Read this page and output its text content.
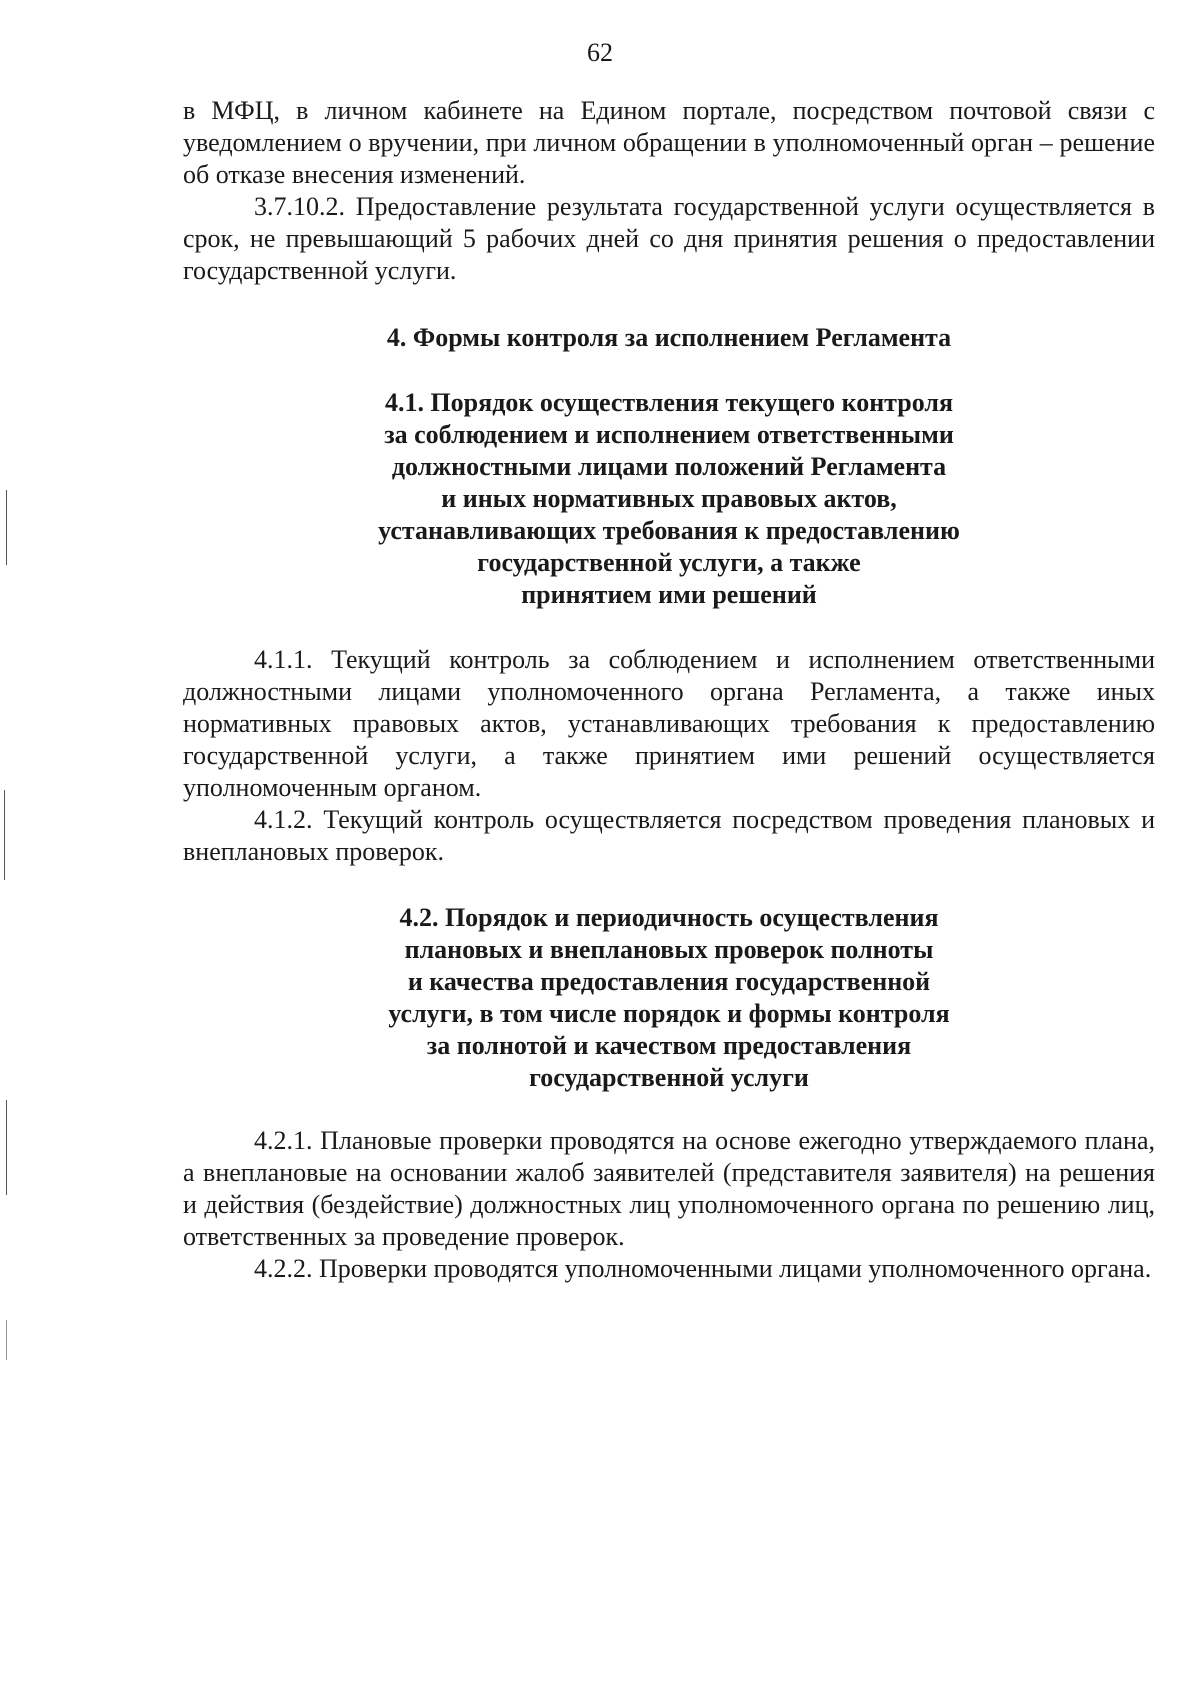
62

в МФЦ, в личном кабинете на Едином портале, посредством почтовой связи с уведомлением о вручении, при личном обращении в уполномоченный орган – решение об отказе внесения изменений.

3.7.10.2. Предоставление результата государственной услуги осуществляется в срок, не превышающий 5 рабочих дней со дня принятия решения о предоставлении государственной услуги.

4. Формы контроля за исполнением Регламента
4.1. Порядок осуществления текущего контроля
за соблюдением и исполнением ответственными
должностными лицами положений Регламента
и иных нормативных правовых актов,
устанавливающих требования к предоставлению
государственной услуги, а также
принятием ими решений

4.1.1. Текущий контроль за соблюдением и исполнением ответственными должностными лицами уполномоченного органа Регламента, а также иных нормативных правовых актов, устанавливающих требования к предоставлению государственной услуги, а также принятием ими решений осуществляется уполномоченным органом.

4.1.2. Текущий контроль осуществляется посредством проведения плановых и внеплановых проверок.

4.2. Порядок и периодичность осуществления
плановых и внеплановых проверок полноты
и качества предоставления государственной
услуги, в том числе порядок и формы контроля
за полнотой и качеством предоставления
государственной услуги

4.2.1. Плановые проверки проводятся на основе ежегодно утверждаемого плана, а внеплановые на основании жалоб заявителей (представителя заявителя) на решения и действия (бездействие) должностных лиц уполномоченного органа по решению лиц, ответственных за проведение проверок.

4.2.2. Проверки проводятся уполномоченными лицами уполномоченного органа.
